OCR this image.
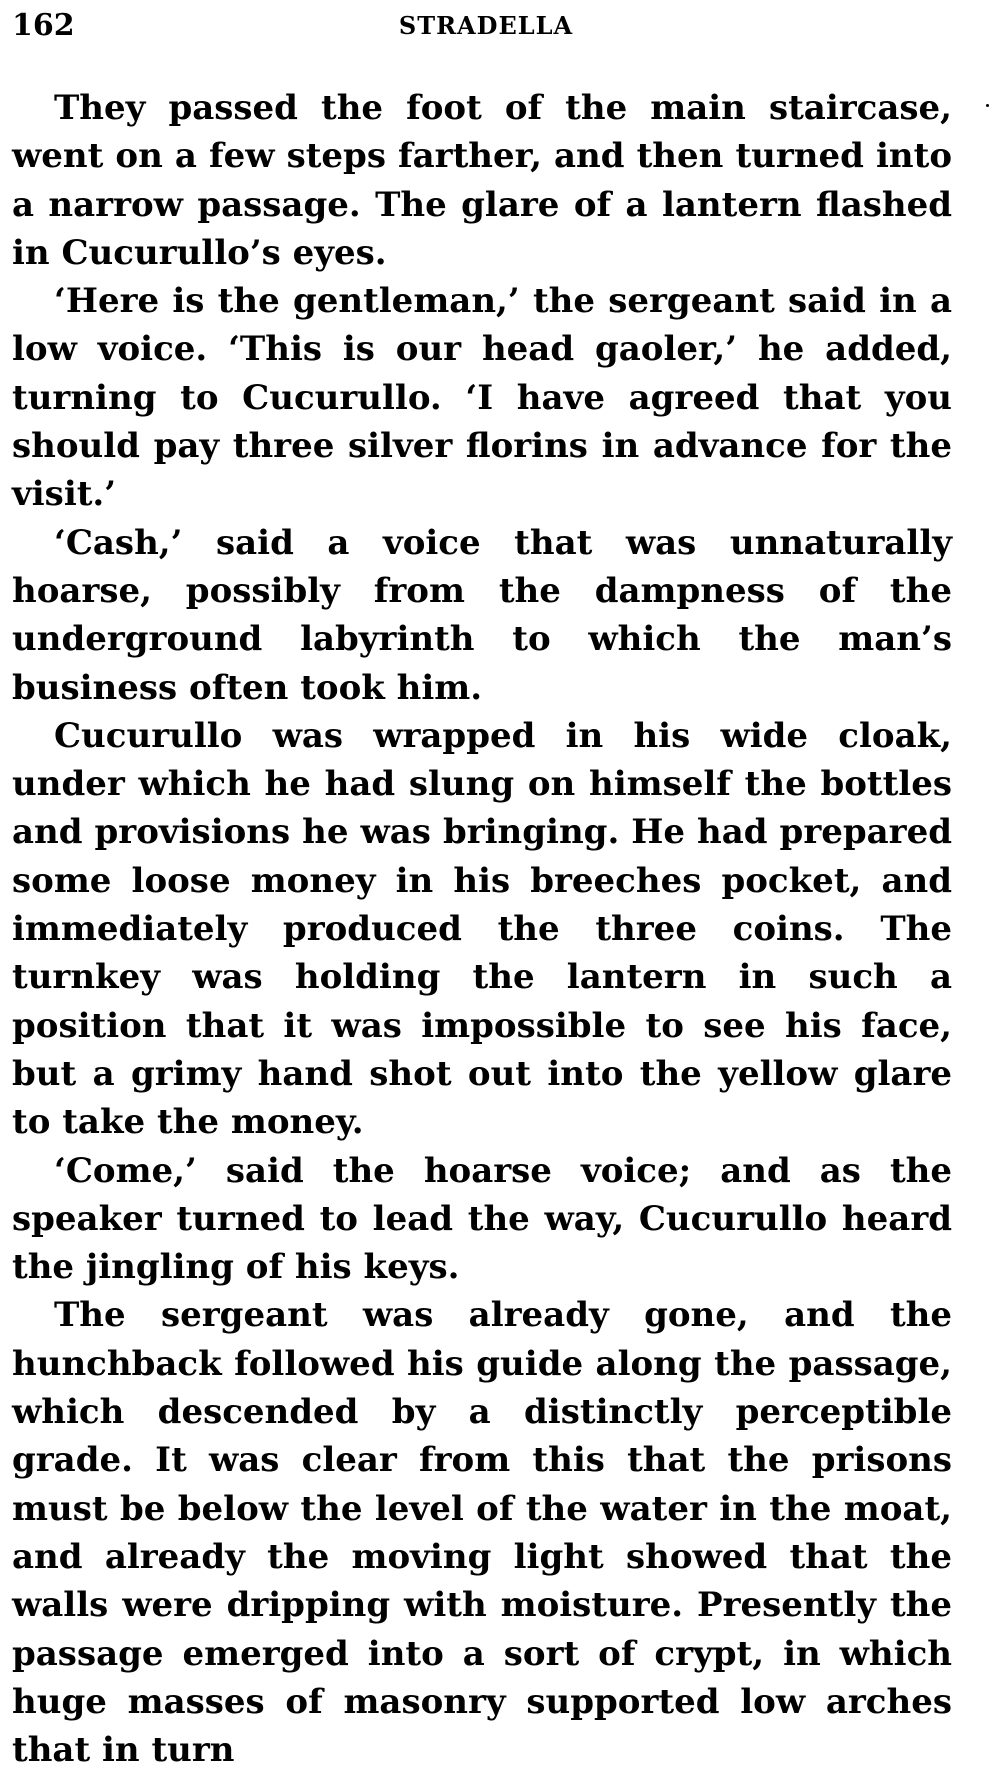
162	STRADELLA

They passed the foot of the main staircase, went on a few steps farther, and then turned into a narrow passage. The glare of a lantern flashed in Cucurullo’s eyes.

‘Here is the gentleman,’ the sergeant said in a low voice. ‘This is our head gaoler,’ he added, turning to Cucurullo. ‘I have agreed that you should pay three silver florins in advance for the visit.’

‘Cash,’ said a voice that was unnaturally hoarse, possibly from the dampness of the underground labyrinth to which the man’s business often took him.

Cucurullo was wrapped in his wide cloak, under which he had slung on himself the bottles and provisions he was bringing. He had prepared some loose money in his breeches pocket, and immediately produced the three coins. The turnkey was holding the lantern in such a position that it was impossible to see his face, but a grimy hand shot out into the yellow glare to take the money.

‘Come,’ said the hoarse voice; and as the speaker turned to lead the way, Cucurullo heard the jingling of his keys.

The sergeant was already gone, and the hunchback followed his guide along the passage, which descended by a distinctly perceptible grade. It was clear from this that the prisons must be below the level of the water in the moat, and already the moving light showed that the walls were dripping with moisture. Presently the passage emerged into a sort of crypt, in which huge masses of masonry supported low arches that in turn
